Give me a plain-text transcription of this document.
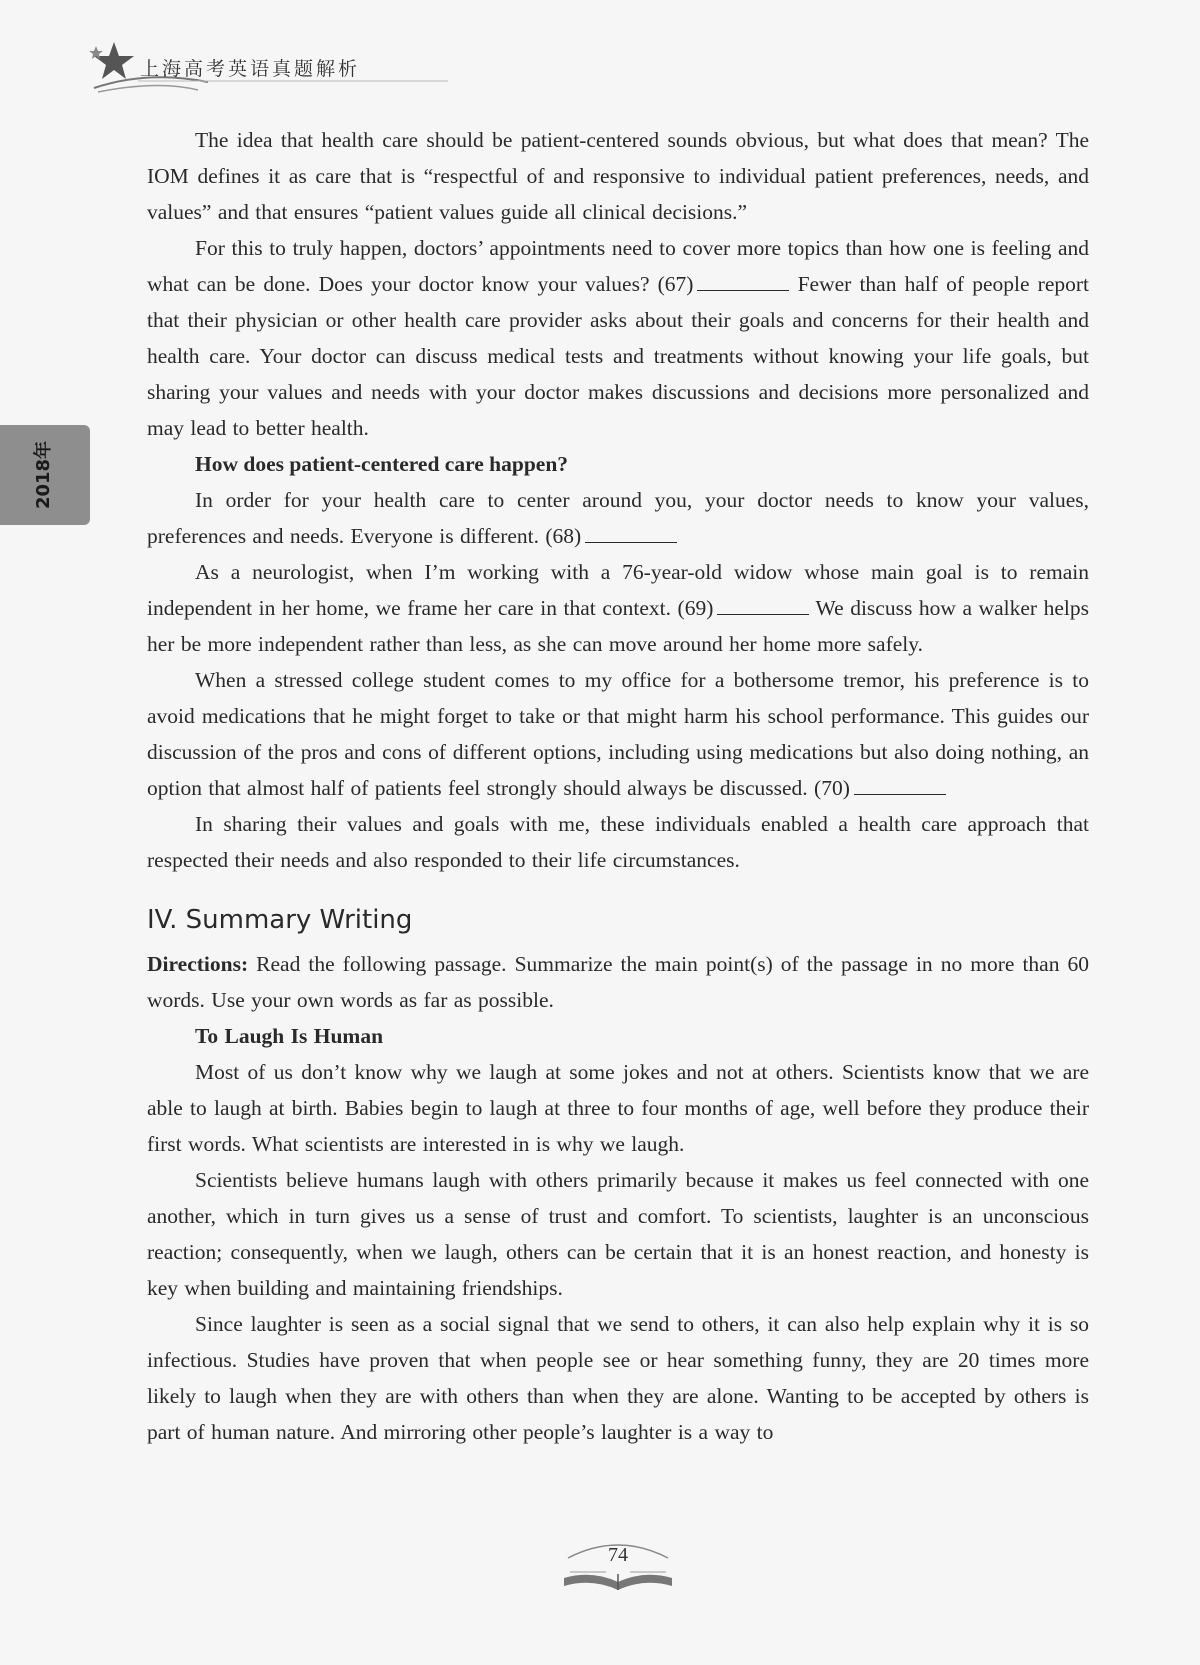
上海高考英语真题解析
2018年

The idea that health care should be patient-centered sounds obvious, but what does that mean? The IOM defines it as care that is “respectful of and responsive to individual patient preferences, needs, and values” and that ensures “patient values guide all clinical decisions.”

For this to truly happen, doctors’ appointments need to cover more topics than how one is feeling and what can be done. Does your doctor know your values? (67)	Fewer than half of people report that their physician or other health care provider asks about their goals and concerns for their health and health care. Your doctor can discuss medical tests and treatments without knowing your life goals, but sharing your values and needs with your doctor makes discussions and decisions more personalized and may lead to better health.

How does patient-centered care happen?

In order for your health care to center around you, your doctor needs to know your values, preferences and needs. Everyone is different. (68)

As a neurologist, when I’m working with a 76-year-old widow whose main goal is to remain independent in her home, we frame her care in that context. (69)	We discuss how a walker helps her be more independent rather than less, as she can move around her home more safely.

When a stressed college student comes to my office for a bothersome tremor, his preference is to avoid medications that he might forget to take or that might harm his school performance. This guides our discussion of the pros and cons of different options, including using medications but also doing nothing, an option that almost half of patients feel strongly should always be discussed. (70)

In sharing their values and goals with me, these individuals enabled a health care approach that respected their needs and also responded to their life circumstances.

IV. Summary Writing

Directions: Read the following passage. Summarize the main point(s) of the passage in no more than 60 words. Use your own words as far as possible.

To Laugh Is Human

Most of us don’t know why we laugh at some jokes and not at others. Scientists know that we are able to laugh at birth. Babies begin to laugh at three to four months of age, well before they produce their first words. What scientists are interested in is why we laugh.

Scientists believe humans laugh with others primarily because it makes us feel connected with one another, which in turn gives us a sense of trust and comfort. To scientists, laughter is an unconscious reaction; consequently, when we laugh, others can be certain that it is an honest reaction, and honesty is key when building and maintaining friendships.

Since laughter is seen as a social signal that we send to others, it can also help explain why it is so infectious. Studies have proven that when people see or hear something funny, they are 20 times more likely to laugh when they are with others than when they are alone. Wanting to be accepted by others is part of human nature. And mirroring other people’s laughter is a way to

74
